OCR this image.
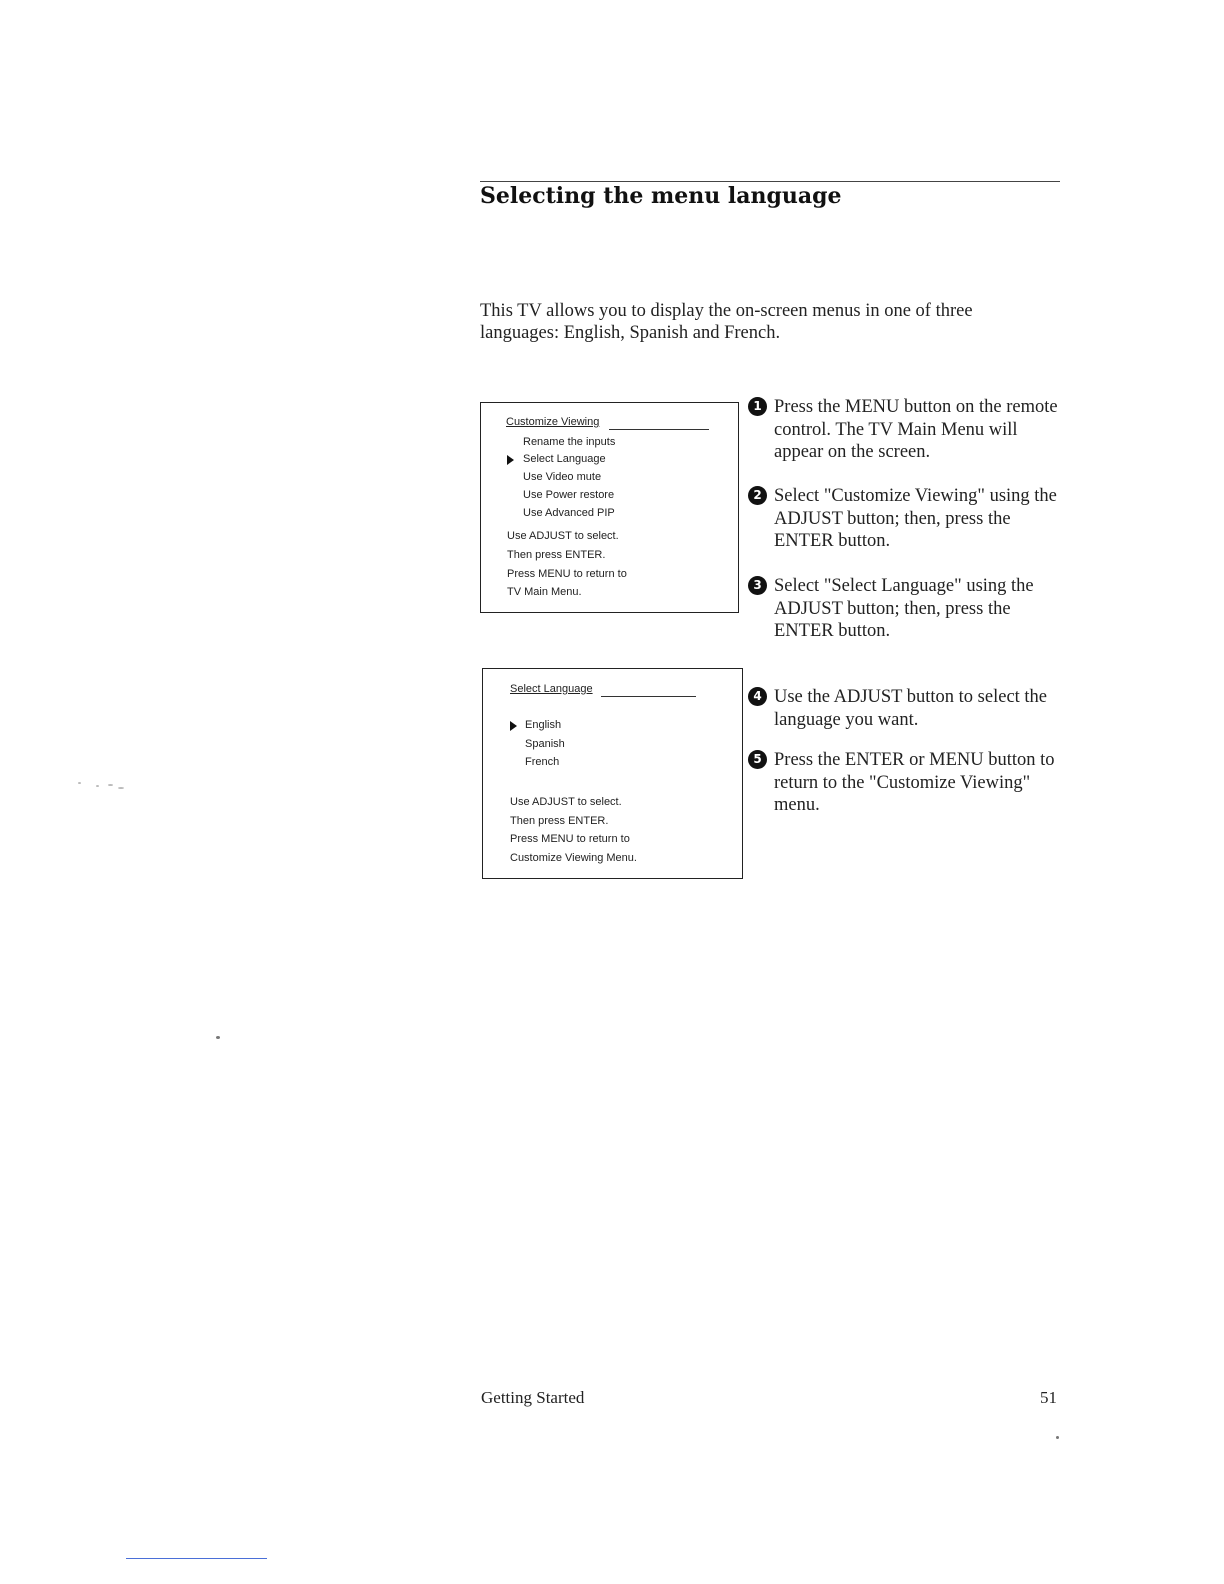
Selecting the menu language

This TV allows you to display the on-screen menus in one of three languages: English, Spanish and French.

Customize Viewing
Rename the inputs
Select Language
Use Video mute
Use Power restore
Use Advanced PIP
Use ADJUST to select.
Then press ENTER.
Press MENU to return to
TV Main Menu.
Select Language
English
Spanish
French
Use ADJUST to select.
Then press ENTER.
Press MENU to return to
Customize Viewing Menu.
1 Press the MENU button on the remote control. The TV Main Menu will appear on the screen.

2 Select "Customize Viewing" using the ADJUST button; then, press the ENTER button.

3 Select "Select Language" using the ADJUST button; then, press the ENTER button.

4 Use the ADJUST button to select the language you want.

5 Press the ENTER or MENU button to return to the "Customize Viewing" menu.

Getting Started	51
